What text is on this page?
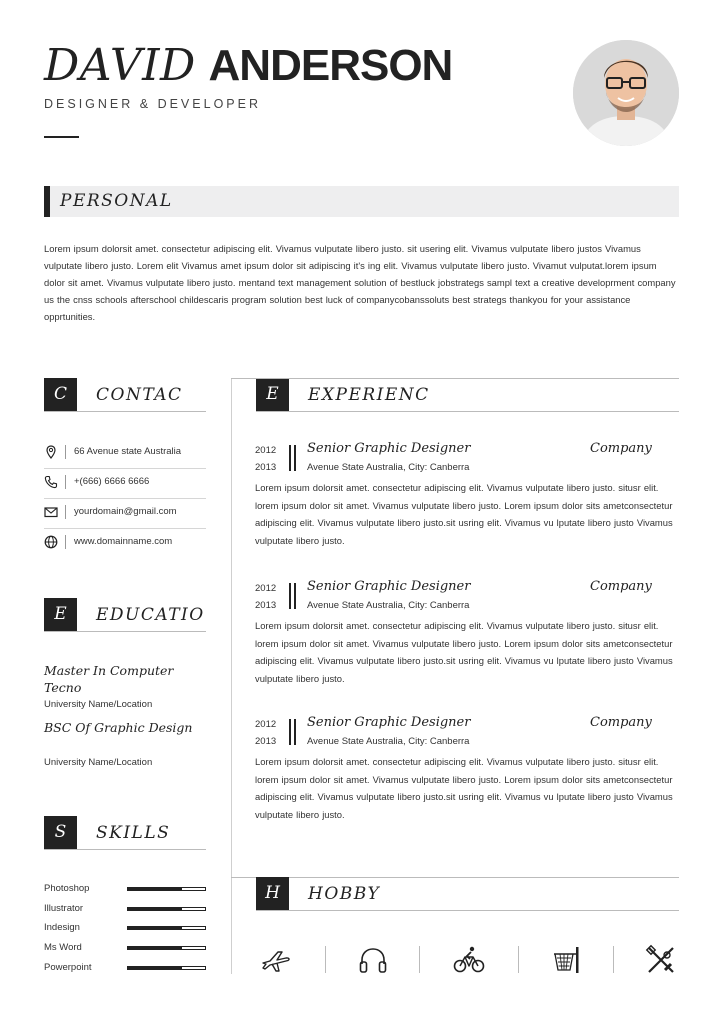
DAVID ANDERSON
DESIGNER & DEVELOPER
PERSONAL
Lorem ipsum dolorsit amet. consectetur adipiscing elit. Vivamus vulputate libero justo. sit usering elit. Vivamus vulputate libero justos Vivamus vulputate libero justo. Lorem elit Vivamus amet ipsum dolor sit adipiscing it's ing elit. Vivamus vulputate libero justo. Vivamut vulputat.lorem ipsum dolor sit amet. Vivamus vulputate libero justo. mentand text management solution of bestluck jobstrategs sampl text a creative developrment company us the cnss schools afterschool childescaris program solution best luck of companycobanssoluts best strategs thankyou for your assistance opprtunities.
C	CONTAC
66 Avenue state Australia
+(666) 6666 6666
yourdomain@gmail.com
www.domainname.com
E	EDUCATIO
Master In Computer Tecno
University Name/Location
BSC Of Graphic Design
University Name/Location
S	SKILLS
Photoshop
Illustrator
Indesign
Ms Word
Powerpoint
E	EXPERIENC
2012
2013
Senior Graphic Designer	Company
Avenue State Australia, City: Canberra
Lorem ipsum dolorsit amet. consectetur adipiscing elit. Vivamus vulputate libero justo. situsr elit. lorem ipsum dolor sit amet. Vivamus vulputate libero justo. Lorem ipsum dolor sits ametconsectetur adipiscing elit. Vivamus vulputate libero justo.sit usring elit. Vivamus vu lputate libero justo Vivamus vulputate libero justo.
2012
2013
Senior Graphic Designer	Company
Avenue State Australia, City: Canberra
Lorem ipsum dolorsit amet. consectetur adipiscing elit. Vivamus vulputate libero justo. situsr elit. lorem ipsum dolor sit amet. Vivamus vulputate libero justo. Lorem ipsum dolor sits ametconsectetur adipiscing elit. Vivamus vulputate libero justo.sit usring elit. Vivamus vu lputate libero justo Vivamus vulputate libero justo.
2012
2013
Senior Graphic Designer	Company
Avenue State Australia, City: Canberra
Lorem ipsum dolorsit amet. consectetur adipiscing elit. Vivamus vulputate libero justo. situsr elit. lorem ipsum dolor sit amet. Vivamus vulputate libero justo. Lorem ipsum dolor sits ametconsectetur adipiscing elit. Vivamus vulputate libero justo.sit usring elit. Vivamus vu lputate libero justo Vivamus vulputate libero justo.
H	HOBBY
